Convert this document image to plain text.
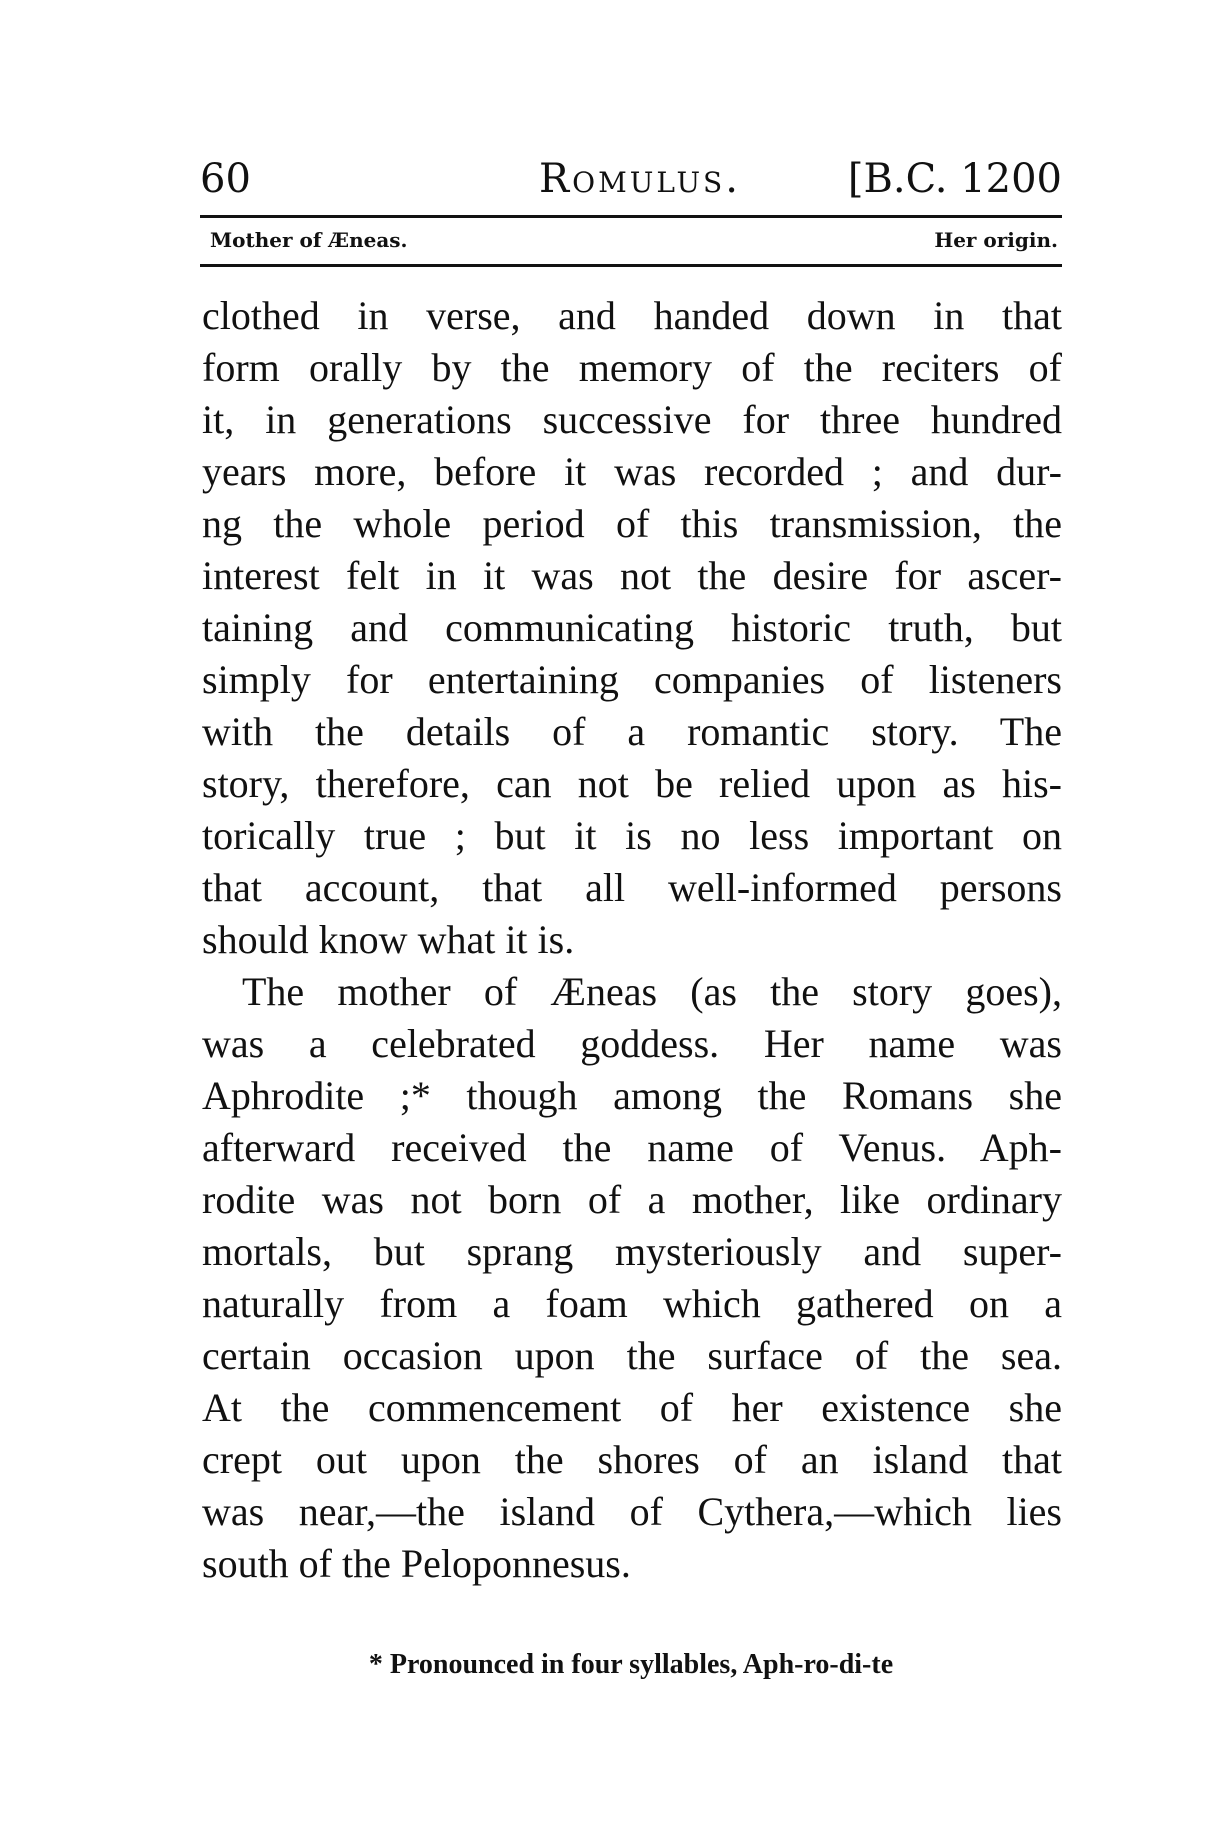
60	Romulus.	[B.C. 1200
Mother of Æneas.	Her origin.
clothed in verse, and handed down in that
form orally by the memory of the reciters of
it, in generations successive for three hundred
years more, before it was recorded ; and dur-
ng the whole period of this transmission, the
interest felt in it was not the desire for ascer-
taining and communicating historic truth, but
simply for entertaining companies of listeners
with the details of a romantic story. The
story, therefore, can not be relied upon as his-
torically true ; but it is no less important on
that account, that all well-informed persons
should know what it is.
The mother of Æneas (as the story goes),
was a celebrated goddess. Her name was
Aphrodite ;* though among the Romans she
afterward received the name of Venus. Aph-
rodite was not born of a mother, like ordinary
mortals, but sprang mysteriously and super-
naturally from a foam which gathered on a
certain occasion upon the surface of the sea.
At the commencement of her existence she
crept out upon the shores of an island that
was near,—the island of Cythera,—which lies
south of the Peloponnesus.
* Pronounced in four syllables, Aph-ro-di-te
